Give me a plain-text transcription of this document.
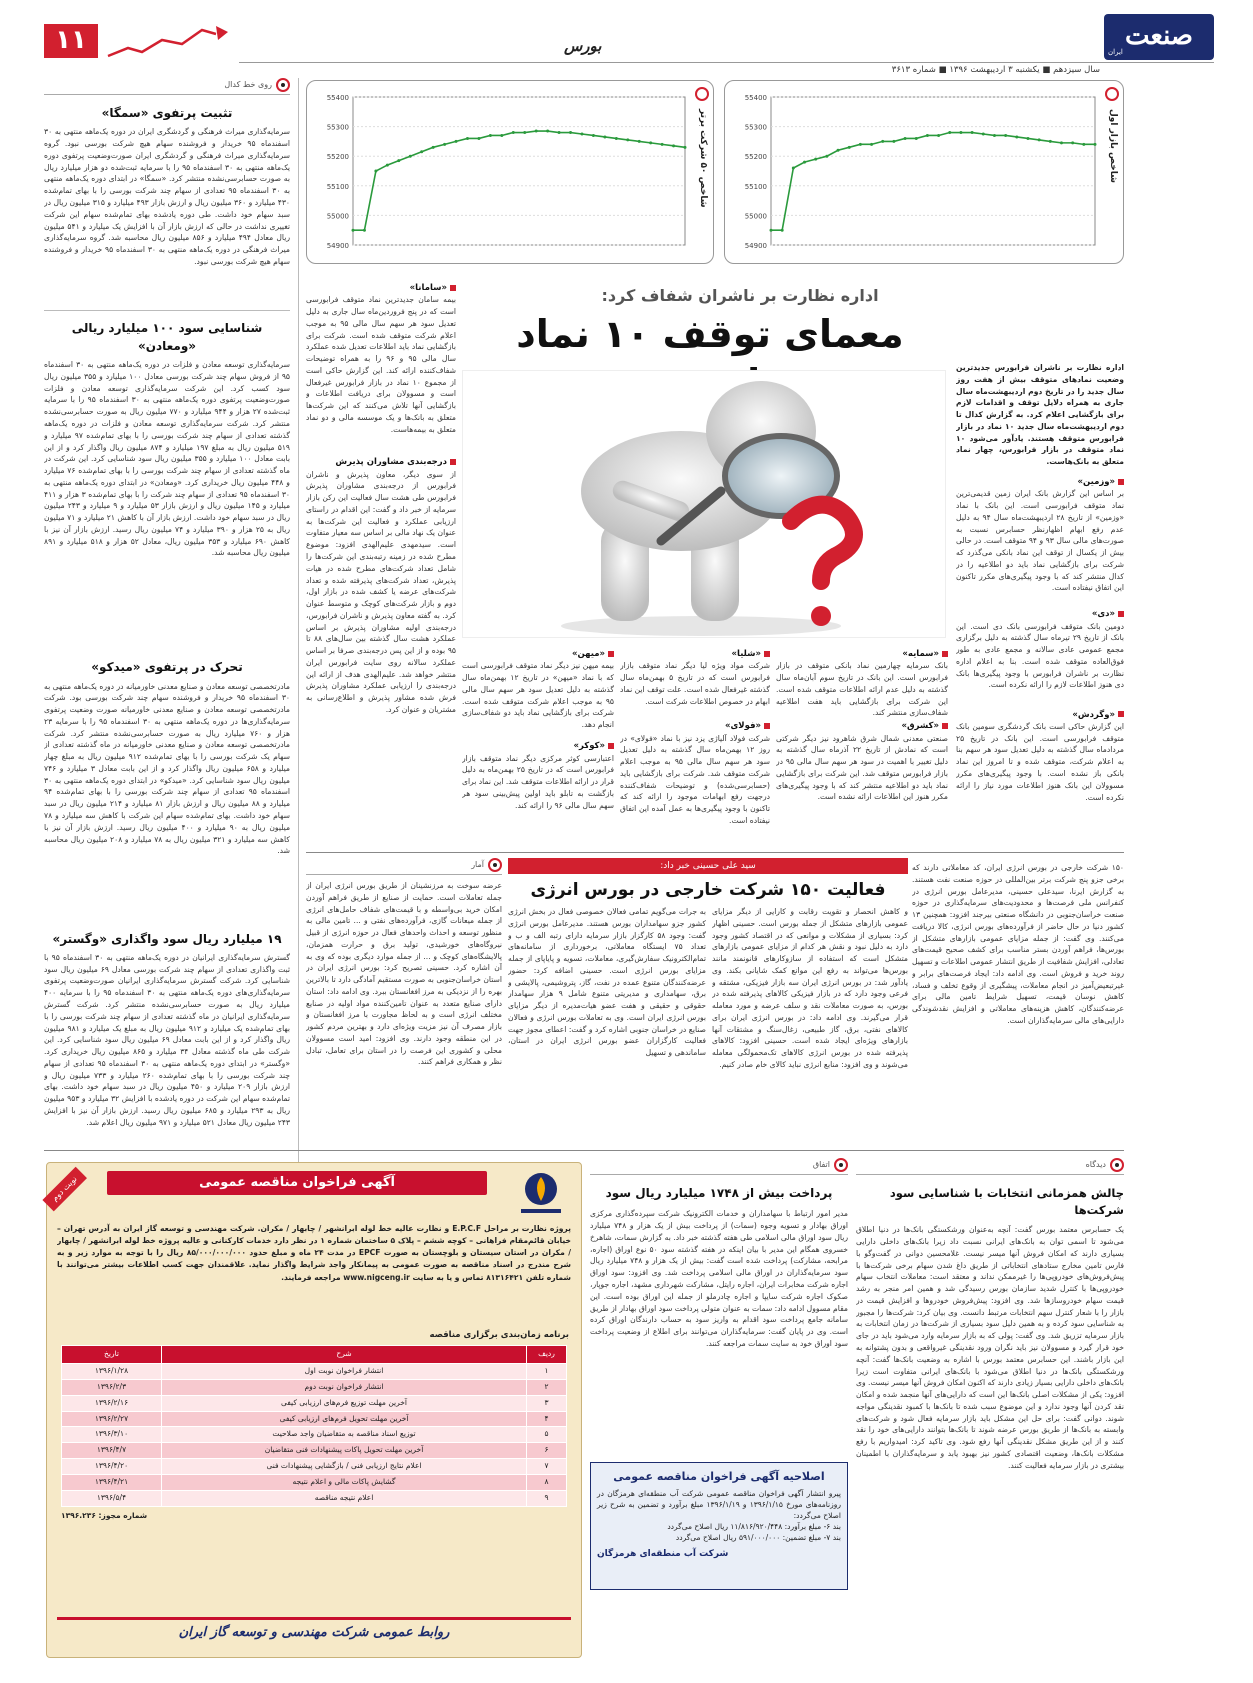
۱۱	بورس
سال سیزدهم ■ یکشنبه ۳ اردیبهشت ۱۳۹۶ ■ شماره ۳۶۱۳
صنعت
ایران
روی خط کدال
تثبیت پرتفوی «سمگا»
سرمایه‌گذاری میراث فرهنگی و گردشگری ایران در دوره یک‌ماهه منتهی به ۳۰ اسفندماه ۹۵ خریدار و فروشنده سهام هیچ شرکت بورسی نبود. گروه سرمایه‌گذاری میراث فرهنگی و گردشگری ایران صورت‌وضعیت پرتفوی دوره یک‌ماهه منتهی به ۳۰ اسفندماه ۹۵ را با سرمایه ثبت‌شده دو هزار میلیارد ریال به صورت حسابرسی‌نشده منتشر کرد. «سمگا» در ابتدای دوره یک‌ماهه منتهی به ۳۰ اسفندماه ۹۵ تعدادی از سهام چند شرکت بورسی را با بهای تمام‌شده ۴۳۰ میلیارد و ۳۶۰ میلیون ریال و ارزش بازار ۴۹۳ میلیارد و ۳۱۵ میلیون ریال در سبد سهام خود داشت. طی دوره یادشده بهای تمام‌شده سهام این شرکت تغییری نداشت در حالی که ارزش بازار آن با افزایش یک میلیارد و ۵۴۱ میلیون ریال معادل ۴۹۴ میلیارد و ۸۵۶ میلیون ریال محاسبه شد. گروه سرمایه‌گذاری میراث فرهنگی در دوره یک‌ماهه منتهی به ۳۰ اسفندماه ۹۵ خریدار و فروشنده سهام هیچ شرکت بورسی نبود.
شناسایی سود ۱۰۰ میلیارد ریالی «ومعادن»
سرمایه‌گذاری توسعه معادن و فلزات در دوره یک‌ماهه منتهی به ۳۰ اسفندماه ۹۵ از فروش سهام چند شرکت بورسی معادل ۱۰۰ میلیارد و ۳۵۵ میلیون ریال سود کسب کرد. این شرکت سرمایه‌گذاری توسعه معادن و فلزات صورت‌وضعیت پرتفوی دوره یک‌ماهه منتهی به ۳۰ اسفندماه ۹۵ را با سرمایه ثبت‌شده ۲۷ هزار و ۹۴۴ میلیارد و ۷۷۰ میلیون ریال به صورت حسابرسی‌نشده منتشر کرد. شرکت سرمایه‌گذاری توسعه معادن و فلزات در دوره یک‌ماهه گذشته تعدادی از سهام چند شرکت بورسی را با بهای تمام‌شده ۹۷ میلیارد و ۵۱۹ میلیون ریال به مبلغ ۱۹۷ میلیارد و ۸۷۴ میلیون ریال واگذار کرد و از این بابت معادل ۱۰۰ میلیارد و ۳۵۵ میلیون ریال سود شناسایی کرد. این شرکت در ماه گذشته تعدادی از سهام چند شرکت بورسی را با بهای تمام‌شده ۷۶ میلیارد و ۴۴۸ میلیون ریال خریداری کرد. «ومعادن» در ابتدای دوره یک‌ماهه منتهی به ۳۰ اسفندماه ۹۵ تعدادی از سهام چند شرکت را با بهای تمام‌شده ۳ هزار و ۴۱۱ میلیارد و ۱۴۵ میلیون ریال و ارزش بازار ۵۳ میلیارد و ۹ میلیارد و ۲۴۳ میلیون ریال در سبد سهام خود داشت. ارزش بازار آن با کاهش ۲۱ میلیارد و ۷۱ میلیون ریال به ۲۵ هزار و ۳۹۰ میلیارد و ۷۴ میلیون ریال رسید. ارزش بازار آن نیز با کاهش ۶۹۰ میلیارد و ۳۵۳ میلیون ریال، معادل ۵۲ هزار و ۵۱۸ میلیارد و ۸۹۱ میلیون ریال محاسبه شد.
تحرک در پرتفوی «میدکو»
مادرتخصصی توسعه معادن و صنایع معدنی خاورمیانه در دوره یک‌ماهه منتهی به ۳۰ اسفندماه ۹۵ خریدار و فروشنده سهام چند شرکت بورسی بود. شرکت مادرتخصصی توسعه معادن و صنایع معدنی خاورمیانه صورت وضعیت پرتفوی سرمایه‌گذاری‌ها در دوره یک‌ماهه منتهی به ۳۰ اسفندماه ۹۵ را با سرمایه ۲۳ هزار و ۷۶۰ میلیارد ریال به صورت حسابرسی‌نشده منتشر کرد. شرکت مادرتخصصی توسعه معادن و صنایع معدنی خاورمیانه در ماه گذشته تعدادی از سهام یک شرکت بورسی را با بهای تمام‌شده ۹۱۲ میلیون ریال به مبلغ چهار میلیارد و ۶۵۸ میلیون ریال واگذار کرد و از این بابت معادل ۳ میلیارد و ۷۴۶ میلیون ریال سود شناسایی کرد. «میدکو» در ابتدای دوره یک‌ماهه منتهی به ۳۰ اسفندماه ۹۵ تعدادی از سهام چند شرکت بورسی را با بهای تمام‌شده ۹۴ میلیارد و ۸۸ میلیون ریال و ارزش بازار ۸۱ میلیارد و ۲۱۴ میلیون ریال در سبد سهام خود داشت. بهای تمام‌شده سهام این شرکت با کاهش سه میلیارد و ۷۸ میلیون ریال به ۹۰ میلیارد و ۴۰۰ میلیون ریال رسید. ارزش بازار آن نیز با کاهش سه میلیارد و ۳۲۱ میلیون ریال به ۷۸ میلیارد و ۲۰۸ میلیون ریال محاسبه شد.
۱۹ میلیارد ریال سود واگذاری «وگستر»
گسترش سرمایه‌گذاری ایرانیان در دوره یک‌ماهه منتهی به ۳۰ اسفندماه ۹۵ با ثبت واگذاری تعدادی از سهام چند شرکت بورسی معادل ۶۹ میلیون ریال سود شناسایی کرد. شرکت گسترش سرمایه‌گذاری ایرانیان صورت‌وضعیت پرتفوی سرمایه‌گذاری‌های دوره یک‌ماهه منتهی به ۳۰ اسفندماه ۹۵ را با سرمایه ۴۰۰ میلیارد ریال به صورت حسابرسی‌نشده منتشر کرد. شرکت گسترش سرمایه‌گذاری ایرانیان در ماه گذشته تعدادی از سهام چند شرکت بورسی را با بهای تمام‌شده یک میلیارد و ۹۱۲ میلیون ریال به مبلغ یک میلیارد و ۹۸۱ میلیون ریال واگذار کرد و از این بابت معادل ۶۹ میلیون ریال سود شناسایی کرد. این شرکت طی ماه گذشته معادل ۳۴ میلیارد و ۸۶۵ میلیون ریال خریداری کرد. «وگستر» در ابتدای دوره یک‌ماهه منتهی به ۳۰ اسفندماه ۹۵ تعدادی از سهام چند شرکت بورسی را با بهای تمام‌شده ۲۶۰ میلیارد و ۷۳۳ میلیون ریال و ارزش بازار ۲۰۹ میلیارد و ۴۵۰ میلیون ریال در سبد سهام خود داشت. بهای تمام‌شده سهام این شرکت در دوره یادشده با افزایش ۳۲ میلیارد و ۹۵۳ میلیون ریال به ۲۹۳ میلیارد و ۶۸۵ میلیون ریال رسید. ارزش بازار آن نیز با افزایش ۲۴۳ میلیون ریال معادل ۵۲۱ میلیارد و ۹۷۱ میلیون ریال اعلام شد.
55400
55300
55200
55100
55000
54900
شاخص ۵۰ شرکت برتر
55400
55300
55200
55100
55000
54900
شاخص بازار اول
اداره نظارت بر ناشران شفاف کرد:
معمای توقف ۱۰ نماد
اداره نظارت بر ناشران فرابورس جدیدترین وضعیت نمادهای متوقف بیش از هفت روز سال جدید را در تاریخ دوم اردیبهشت‌ماه سال جاری به همراه دلایل توقف و اقدامات لازم برای بازگشایی اعلام کرد. به گزارش کدال تا دوم اردیبهشت‌ماه سال جدید ۱۰ نماد در بازار فرابورس متوقف هستند. یادآور می‌شود ۱۰ نماد متوقف در بازار فرابورس، چهار نماد متعلق به بانک‌هاست.
«وزمین»
بر اساس این گزارش بانک ایران زمین قدیمی‌ترین نماد متوقف فرابورسی است. این بانک با نماد «وزمین» از تاریخ ۲۸ اردیبهشت‌ماه سال ۹۴ به دلیل عدم رفع ابهام اظهارنظر حسابرس نسبت به صورت‌های مالی سال ۹۳ و ۹۴ متوقف است. در حالی بیش از یکسال از توقف این نماد بانکی می‌گذرد که شرکت برای بازگشایی نماد باید دو اطلاعیه را در کدال منتشر کند که با وجود پیگیری‌های مکرر تاکنون این اتفاق نیفتاده است.
«دی»
دومین بانک متوقف فرابورسی بانک دی است. این بانک از تاریخ ۲۹ تیرماه سال گذشته به دلیل برگزاری مجمع عمومی عادی سالانه و مجمع عادی به طور فوق‌العاده متوقف شده است. بنا به اعلام اداره نظارت بر ناشران فرابورس با وجود پیگیری‌ها بانک دی هنوز اطلاعات لازم را ارائه نکرده است.
«وگردش»
این گزارش حاکی است بانک گردشگری سومین بانک متوقف فرابورسی است. این بانک در تاریخ ۲۵ مرداد‌ماه سال گذشته به دلیل تعدیل سود هر سهم بنا به اعلام شرکت، متوقف شده و تا امروز این نماد بانکی باز نشده است. با وجود پیگیری‌های مکرر مسوولان این بانک هنوز اطلاعات مورد نیاز را ارائه نکرده است.
«سمایه»
بانک سرمایه چهارمین نماد بانکی متوقف در بازار فرابورس است. این بانک در تاریخ سوم آبان‌ماه سال گذشته به دلیل عدم ارائه اطلاعات متوقف شده است. این شرکت برای بازگشایی باید هفت اطلاعیه شفاف‌سازی منتشر کند.
«کشرق»
صنعتی معدنی شمال شرق شاهرود نیز دیگر شرکتی است که نمادش از تاریخ ۲۲ آذرماه سال گذشته به دلیل تغییر با اهمیت در سود هر سهم سال مالی ۹۵ در بازار فرابورس متوقف شد. این شرکت برای بازگشایی نماد باید دو اطلاعیه منتشر کند که با وجود پیگیری‌های مکرر هنوز این اطلاعات ارائه نشده است.
«شلیا»
شرکت مواد ویژه لیا دیگر نماد متوقف بازار فرابورس است که در تاریخ ۵ بهمن‌ماه سال گذشته غیرفعال شده است. علت توقف این نماد ابهام در خصوص اطلاعات شرکت است.
«فولای»
شرکت فولاد آلیاژی یزد نیز با نماد «فولای» در روز ۱۲ بهمن‌ماه سال گذشته به دلیل تعدیل سود هر سهم سال مالی ۹۵ به موجب اعلام شرکت متوقف شد. شرکت برای بازگشایی باید (حسابرسی‌شده) و توضیحات شفاف‌کننده درجهت رفع ابهامات موجود را ارائه کند که تاکنون با وجود پیگیری‌ها به عمل آمده این اتفاق نیفتاده است.
«میهن»
بیمه میهن نیز دیگر نماد متوقف فرابورسی است که با نماد «میهن» در تاریخ ۱۲ بهمن‌ماه سال گذشته به دلیل تعدیل سود هر سهم سال مالی ۹۵ به موجب اعلام شرکت متوقف شده است. شرکت برای بازگشایی نماد باید دو شفاف‌سازی انجام دهد.
«کوکر»
اعتبارسی کوثر مرکزی دیگر نماد متوقف بازار فرابورس است که در تاریخ ۲۵ بهمن‌ماه به دلیل قرار در ارائه اطلاعات متوقف شد. این نماد برای بازگشت به تابلو باید اولین پیش‌بینی سود هر سهم سال مالی ۹۶ را ارائه کند.
«سامانا»
بیمه سامان جدیدترین نماد متوقف فرابورسی است که در پنج فروردین‌ماه سال جاری به دلیل تعدیل سود هر سهم سال مالی ۹۵ به موجب اعلام شرکت متوقف شده است. شرکت برای بازگشایی نماد باید اطلاعات تعدیل شده عملکرد سال مالی ۹۵ و ۹۶ را به همراه توضیحات شفاف‌کننده ارائه کند. این گزارش حاکی است از مجموع ۱۰ نماد در بازار فرابورس غیرفعال است و مسوولان برای دریافت اطلاعات و بازگشایی آنها تلاش می‌کنند که این شرکت‌ها متعلق به بانک‌ها و یک موسسه مالی و دو نماد متعلق به بیمه‌هاست.
درجه‌بندی مشاوران پذیرش
از سوی دیگر، معاون پذیرش و ناشران فرابورس از درجه‌بندی مشاوران پذیرش فرابورس طی هشت سال فعالیت این رکن بازار سرمایه از خبر داد و گفت: این اقدام در راستای ارزیابی عملکرد و فعالیت این شرکت‌ها به عنوان یک نهاد مالی بر اساس سه معیار متفاوت است. سیدمهدی علیم‌الهدی افزود: موضوع مطرح شده در زمینه رتبه‌بندی این شرکت‌ها را شامل تعداد شرکت‌های مطرح شده در هیات پذیرش، تعداد شرکت‌های پذیرفته شده و تعداد شرکت‌های عرضه یا کشف شده در بازار اول، دوم و بازار شرکت‌های کوچک و متوسط عنوان کرد. به گفته معاون پذیرش و ناشران فرابورس، درجه‌بندی اولیه مشاوران پذیرش بر اساس عملکرد هشت سال گذشته بین سال‌های ۸۸ تا ۹۵ بوده و از این پس درجه‌بندی صرفا بر اساس عملکرد سالانه روی سایت فرابورس ایران منتشر خواهد شد. علیم‌الهدی هدف از ارائه این درجه‌بندی را ارزیابی عملکرد مشاوران پذیرش فرش شده مشاور پذیرش و اطلاع‌رسانی به مشتریان و عنوان کرد.
آمار	سید علی حسینی خبر داد:
فعالیت ۱۵۰ شرکت خارجی در بورس انرژی
۱۵۰ شرکت خارجی در بورس انرژی ایران، کد معاملاتی دارند که برخی جزو پنج شرکت برتر بین‌المللی در حوزه صنعت نفت هستند. به گزارش ایرنا، سیدعلی حسینی، مدیرعامل بورس انرژی در کنفرانس ملی فرصت‌ها و محدودیت‌های سرمایه‌گذاری در حوزه صنعت خراسان‌جنوبی در دانشگاه صنعتی بیرجند افزود: همچنین ۱۳ کشور دنیا در حال حاضر از فرآورده‌های بورس انرژی، کالا دریافت می‌کنند. وی گفت: از جمله مزایای عمومی بازارهای متشکل از بورس‌ها، فراهم آوردن بستر مناسب برای کشف صحیح قیمت‌های تعادلی، افزایش شفافیت از طریق انتشار عمومی اطلاعات و تسهیل روند خرید و فروش است. وی ادامه داد: ایجاد فرصت‌های برابر و غیرتبعیض‌آمیز در انجام معاملات، پیشگیری از وقوع تخلف و فساد، کاهش نوسان قیمت، تسهیل شرایط تامین مالی برای عرضه‌کنندگان، کاهش هزینه‌های معاملاتی و افزایش نقدشوندگی دارایی‌های مالی سرمایه‌گذاران است.
و کاهش انحصار و تقویت رقابت و کارایی از دیگر مزایای عمومی بازارهای متشکل از جمله بورس است. حسینی اظهار کرد: بسیاری از مشکلات و موانعی که در اقتصاد کشور وجود دارد به دلیل نبود و نقش هر کدام از مزایای عمومی بازارهای متشکل است که استفاده از سازوکارهای قانونمند مانند بورس‌ها می‌تواند به رفع این موانع کمک شایانی بکند. وی یادآور شد: در بورس انرژی ایران سه بازار فیزیکی، مشتقه و فرعی وجود دارد که در بازار فیزیکی کالاهای پذیرفته شده در بورس، به صورت معاملات نقد و سلف عرضه و مورد معامله قرار می‌گیرند. وی ادامه داد: در بورس انرژی ایران برای کالاهای نفتی، برق، گاز طبیعی، زغال‌سنگ و مشتقات آنها بازارهای ویژه‌ای ایجاد شده است. حسینی افزود: کالاهای پذیرفته شده در بورس انرژی کالاهای تک‌محمولگی معامله می‌شوند و وی افزود: منابع انرژی نباید کالای خام صادر کنیم.
به جرات می‌گویم تمامی فعالان خصوصی فعال در بخش انرژی کشور جزو سهامداران بورس هستند. مدیرعامل بورس انرژی گفت: وجود ۵۸ کارگزار بازار سرمایه دارای رتبه الف و ب و تعداد ۷۵ ایستگاه معاملاتی، برخورداری از سامانه‌های تمام‌الکترونیک سفارش‌گیری، معاملات، تسویه و پایاپای از جمله مزایای بورس انرژی است. حسینی اضافه کرد: حضور عرضه‌کنندگان متنوع عمده در نفت، گاز، پتروشیمی، پالایشی و برق، سهامداری و مدیریتی متنوع شامل ۹ هزار سهامدار حقوقی و حقیقی و هفت عضو هیات‌مدیره از دیگر مزایای بورس انرژی ایران است. وی به تعاملات بورس انرژی و فعالان صنایع در خراسان جنوبی اشاره کرد و گفت: اعطای مجوز جهت فعالیت کارگزاران عضو بورس انرژی ایران در استان، ساماندهی و تسهیل
عرضه سوخت به مرزنشینان از طریق بورس انرژی ایران از جمله تعاملات است. حمایت از صنایع از طریق فراهم آوردن امکان خرید بی‌واسطه و با قیمت‌های شفاف حامل‌های انرژی از جمله میعانات گازی، فرآورده‌های نفتی و ... تامین مالی به منظور توسعه و احداث واحدهای فعال در حوزه انرژی از قبیل نیروگاه‌های خورشیدی، تولید برق و حرارت همزمان، پالایشگاه‌های کوچک و ... از جمله موارد دیگری بوده که وی به آن اشاره کرد. حسینی تصریح کرد: بورس انرژی ایران در استان خراسان‌جنوبی به صورت مستقیم آمادگی دارد تا بالاترین بهره را از نزدیکی به مرز افغانستان ببرد. وی ادامه داد: استان دارای صنایع متعدد به عنوان تامین‌کننده مواد اولیه در صنایع مختلف انرژی است و به لحاظ مجاورت با مرز افغانستان و بازار مصرف آن نیز مزیت ویژه‌ای دارد و بهترین مردم کشور در این منطقه وجود دارند. وی افزود: امید است مسوولان محلی و کشوری این فرصت را در استان برای تعامل، تبادل نظر و همکاری فراهم کنند.
دیدگاه
چالش همزمانی انتخابات با شناسایی سود شرکت‌ها
یک حسابرس معتمد بورس گفت: آنچه به‌عنوان ورشکستگی بانک‌ها در دنیا اطلاق می‌شود تا اسمی توان به بانک‌های ایرانی نسبت داد زیرا بانک‌های داخلی دارایی بسیاری دارند که امکان فروش آنها میسر نیست. غلامحسین دوانی در گفت‌وگو با فارس تامین مخارج ستادهای انتخاباتی از طریق داغ شدن سهام برخی شرکت‌ها با پیش‌فروش‌های خودروپی‌ها را غیرممکن نداند و معتقد است: معاملات انتخاب سهام خودروپی‌ها با کنترل شدید سازمان بورس رسیدگی شد و همین امر منجر به رشد قیمت سهام خودروسازها شد. وی افزود: پیش‌فروش خودروها و افزایش قیمت در بازار را با شعار کنترل سهم انتخابات مرتبط دانست. وی بیان کرد: شرکت‌ها را مجبور به شناسایی سود کرده و به همین دلیل سود بسیاری از شرکت‌ها در زمان انتخابات به بازار سرمایه تزریق شد. وی گفت: پولی که به بازار سرمایه وارد می‌شود باید در جای خود قرار گیرد و مسوولان نیز باید نگران ورود نقدینگی غیرواقعی و بدون پشتوانه به این بازار باشند. این حسابرس معتمد بورس با اشاره به وضعیت بانک‌ها گفت: آنچه ورشکستگی بانک‌ها در دنیا اطلاق می‌شود با بانک‌های ایرانی متفاوت است زیرا بانک‌های داخلی دارایی بسیار زیادی دارند که اکنون امکان فروش آنها میسر نیست. وی افزود: یکی از مشکلات اصلی بانک‌ها این است که دارایی‌های آنها منجمد شده و امکان نقد کردن آنها وجود ندارد و این موضوع سبب شده تا بانک‌ها با کمبود نقدینگی مواجه شوند. دوانی گفت: برای حل این مشکل باید بازار سرمایه فعال شود و شرکت‌های وابسته به بانک‌ها از طریق بورس عرضه شوند تا بانک‌ها بتوانند دارایی‌های خود را نقد کنند و از این طریق مشکل نقدینگی آنها رفع شود. وی تاکید کرد: امیدواریم با رفع مشکلات بانک‌ها، وضعیت اقتصادی کشور نیز بهبود یابد و سرمایه‌گذاران با اطمینان بیشتری در بازار سرمایه فعالیت کنند.
اتفاق
پرداخت بیش از ۱۷۴۸ میلیارد ریال سود
مدیر امور ارتباط با سهامداران و خدمات الکترونیک شرکت سپرده‌گذاری مرکزی اوراق بهادار و تسویه وجوه (سمات) از پرداخت بیش از یک هزار و ۷۴۸ میلیارد ریال سود اوراق مالی اسلامی طی هفته گذشته خبر داد. به گزارش سمات، شاهرخ خسروی همگام این مدیر با بیان اینکه در هفته گذشته سود ۵۰ نوع اوراق (اجاره، مرابحه، مشارکت) پرداخت شده است گفت: بیش از یک هزار و ۷۴۸ میلیارد ریال سود سرمایه‌گذاران در اوراق مالی اسلامی پرداخت شد. وی افزود: سود اوراق اجاره شرکت مخابرات ایران، اجاره رایتل، مشارکت شهرداری مشهد، اجاره جوپار، صکوک اجاره شرکت سایپا و اجاره چادرملو از جمله این اوراق بوده است. این مقام مسوول ادامه داد: سمات به عنوان متولی پرداخت سود اوراق بهادار از طریق سامانه جامع پرداخت سود اقدام به واریز سود به حساب دارندگان اوراق کرده است. وی در پایان گفت: سرمایه‌گذاران می‌توانند برای اطلاع از وضعیت پرداخت سود اوراق خود به سایت سمات مراجعه کنند.
اصلاحیه آگهی فراخوان مناقصه عمومی
پیرو انتشار آگهی فراخوان مناقصه عمومی شرکت آب منطقه‌ای هرمزگان در روزنامه‌های مورخ ۱۳۹۶/۱/۱۵ و ۱۳۹۶/۱/۱۹ مبلغ برآورد و تضمین به شرح زیر اصلاح می‌گردد:
بند ۶- مبلغ برآورد: ۱۱/۸۱۶/۹۲۰/۴۴۸ ریال اصلاح می‌گردد
بند ۷- مبلغ تضمین: ۵۹۱/۰۰۰/۰۰۰ ریال اصلاح می‌گردد
شرکت آب منطقه‌ای هرمزگان
نوبت دوم	آگهی فراخوان مناقصه عمومی
پروژه نظارت بر مراحل E.P.C.F و نظارت عالیه خط لوله ابرانشهر / چابهار / مکران. شرکت مهندسی و توسعه گاز ایران به آدرس تهران – خیابان قائم‌مقام فراهانی – کوچه ششم – پلاک ۵ ساختمان شماره ۱ در نظر دارد خدمات کارکنانی و عالیه پروژه خط لوله ابرانشهر / چابهار / مکران در استان سیستان و بلوچستان به صورت EPCF در مدت ۲۴ ماه و مبلغ حدود ۸۵/۰۰۰/۰۰۰/۰۰۰ ریال را با توجه به موارد زیر و به شرح مندرج در اسناد مناقصه به صورت عمومی به پیمانکار واجد شرایط واگذار نماید. علاقمندان جهت کسب اطلاعات بیشتر می‌توانند با شماره تلفن ۸۱۳۱۶۴۲۱ تماس و یا به سایت www.nigceng.ir مراجعه فرمایند.
برنامه زمان‌بندی برگزاری مناقصه
ردیف	شرح	تاریخ
۱	انتشار فراخوان نوبت اول	۱۳۹۶/۱/۲۸
۲	انتشار فراخوان نوبت دوم	۱۳۹۶/۲/۳
۳	آخرین مهلت توزیع فرم‌های ارزیابی کیفی	۱۳۹۶/۲/۱۶
۴	آخرین مهلت تحویل فرم‌های ارزیابی کیفی	۱۳۹۶/۲/۲۷
۵	توزیع اسناد مناقصه به متقاضیان واجد صلاحیت	۱۳۹۶/۳/۱۰
۶	آخرین مهلت تحویل پاکات پیشنهادات فنی متقاضیان	۱۳۹۶/۴/۷
۷	اعلام نتایج ارزیابی فنی / بازگشایی پیشنهادات فنی	۱۳۹۶/۴/۲۰
۸	گشایش پاکات مالی و اعلام نتیجه	۱۳۹۶/۴/۲۱
۹	اعلام نتیجه مناقصه	۱۳۹۶/۵/۴
شماره مجوز: ۱۳۹۶.۲۳۶
روابط عمومی شرکت مهندسی و توسعه گاز ایران
